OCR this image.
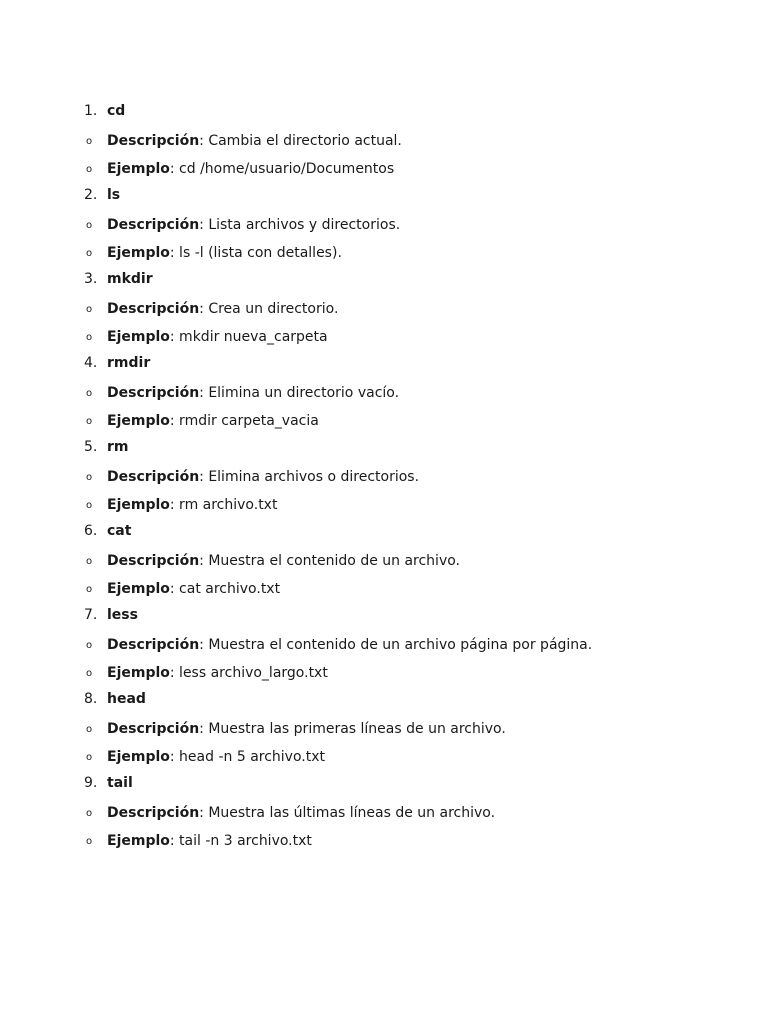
1. cd
o Descripción: Cambia el directorio actual.
o Ejemplo: cd /home/usuario/Documentos
2. ls
o Descripción: Lista archivos y directorios.
o Ejemplo: ls -l (lista con detalles).
3. mkdir
o Descripción: Crea un directorio.
o Ejemplo: mkdir nueva_carpeta
4. rmdir
o Descripción: Elimina un directorio vacío.
o Ejemplo: rmdir carpeta_vacia
5. rm
o Descripción: Elimina archivos o directorios.
o Ejemplo: rm archivo.txt
6. cat
o Descripción: Muestra el contenido de un archivo.
o Ejemplo: cat archivo.txt
7. less
o Descripción: Muestra el contenido de un archivo página por página.
o Ejemplo: less archivo_largo.txt
8. head
o Descripción: Muestra las primeras líneas de un archivo.
o Ejemplo: head -n 5 archivo.txt
9. tail
o Descripción: Muestra las últimas líneas de un archivo.
o Ejemplo: tail -n 3 archivo.txt
